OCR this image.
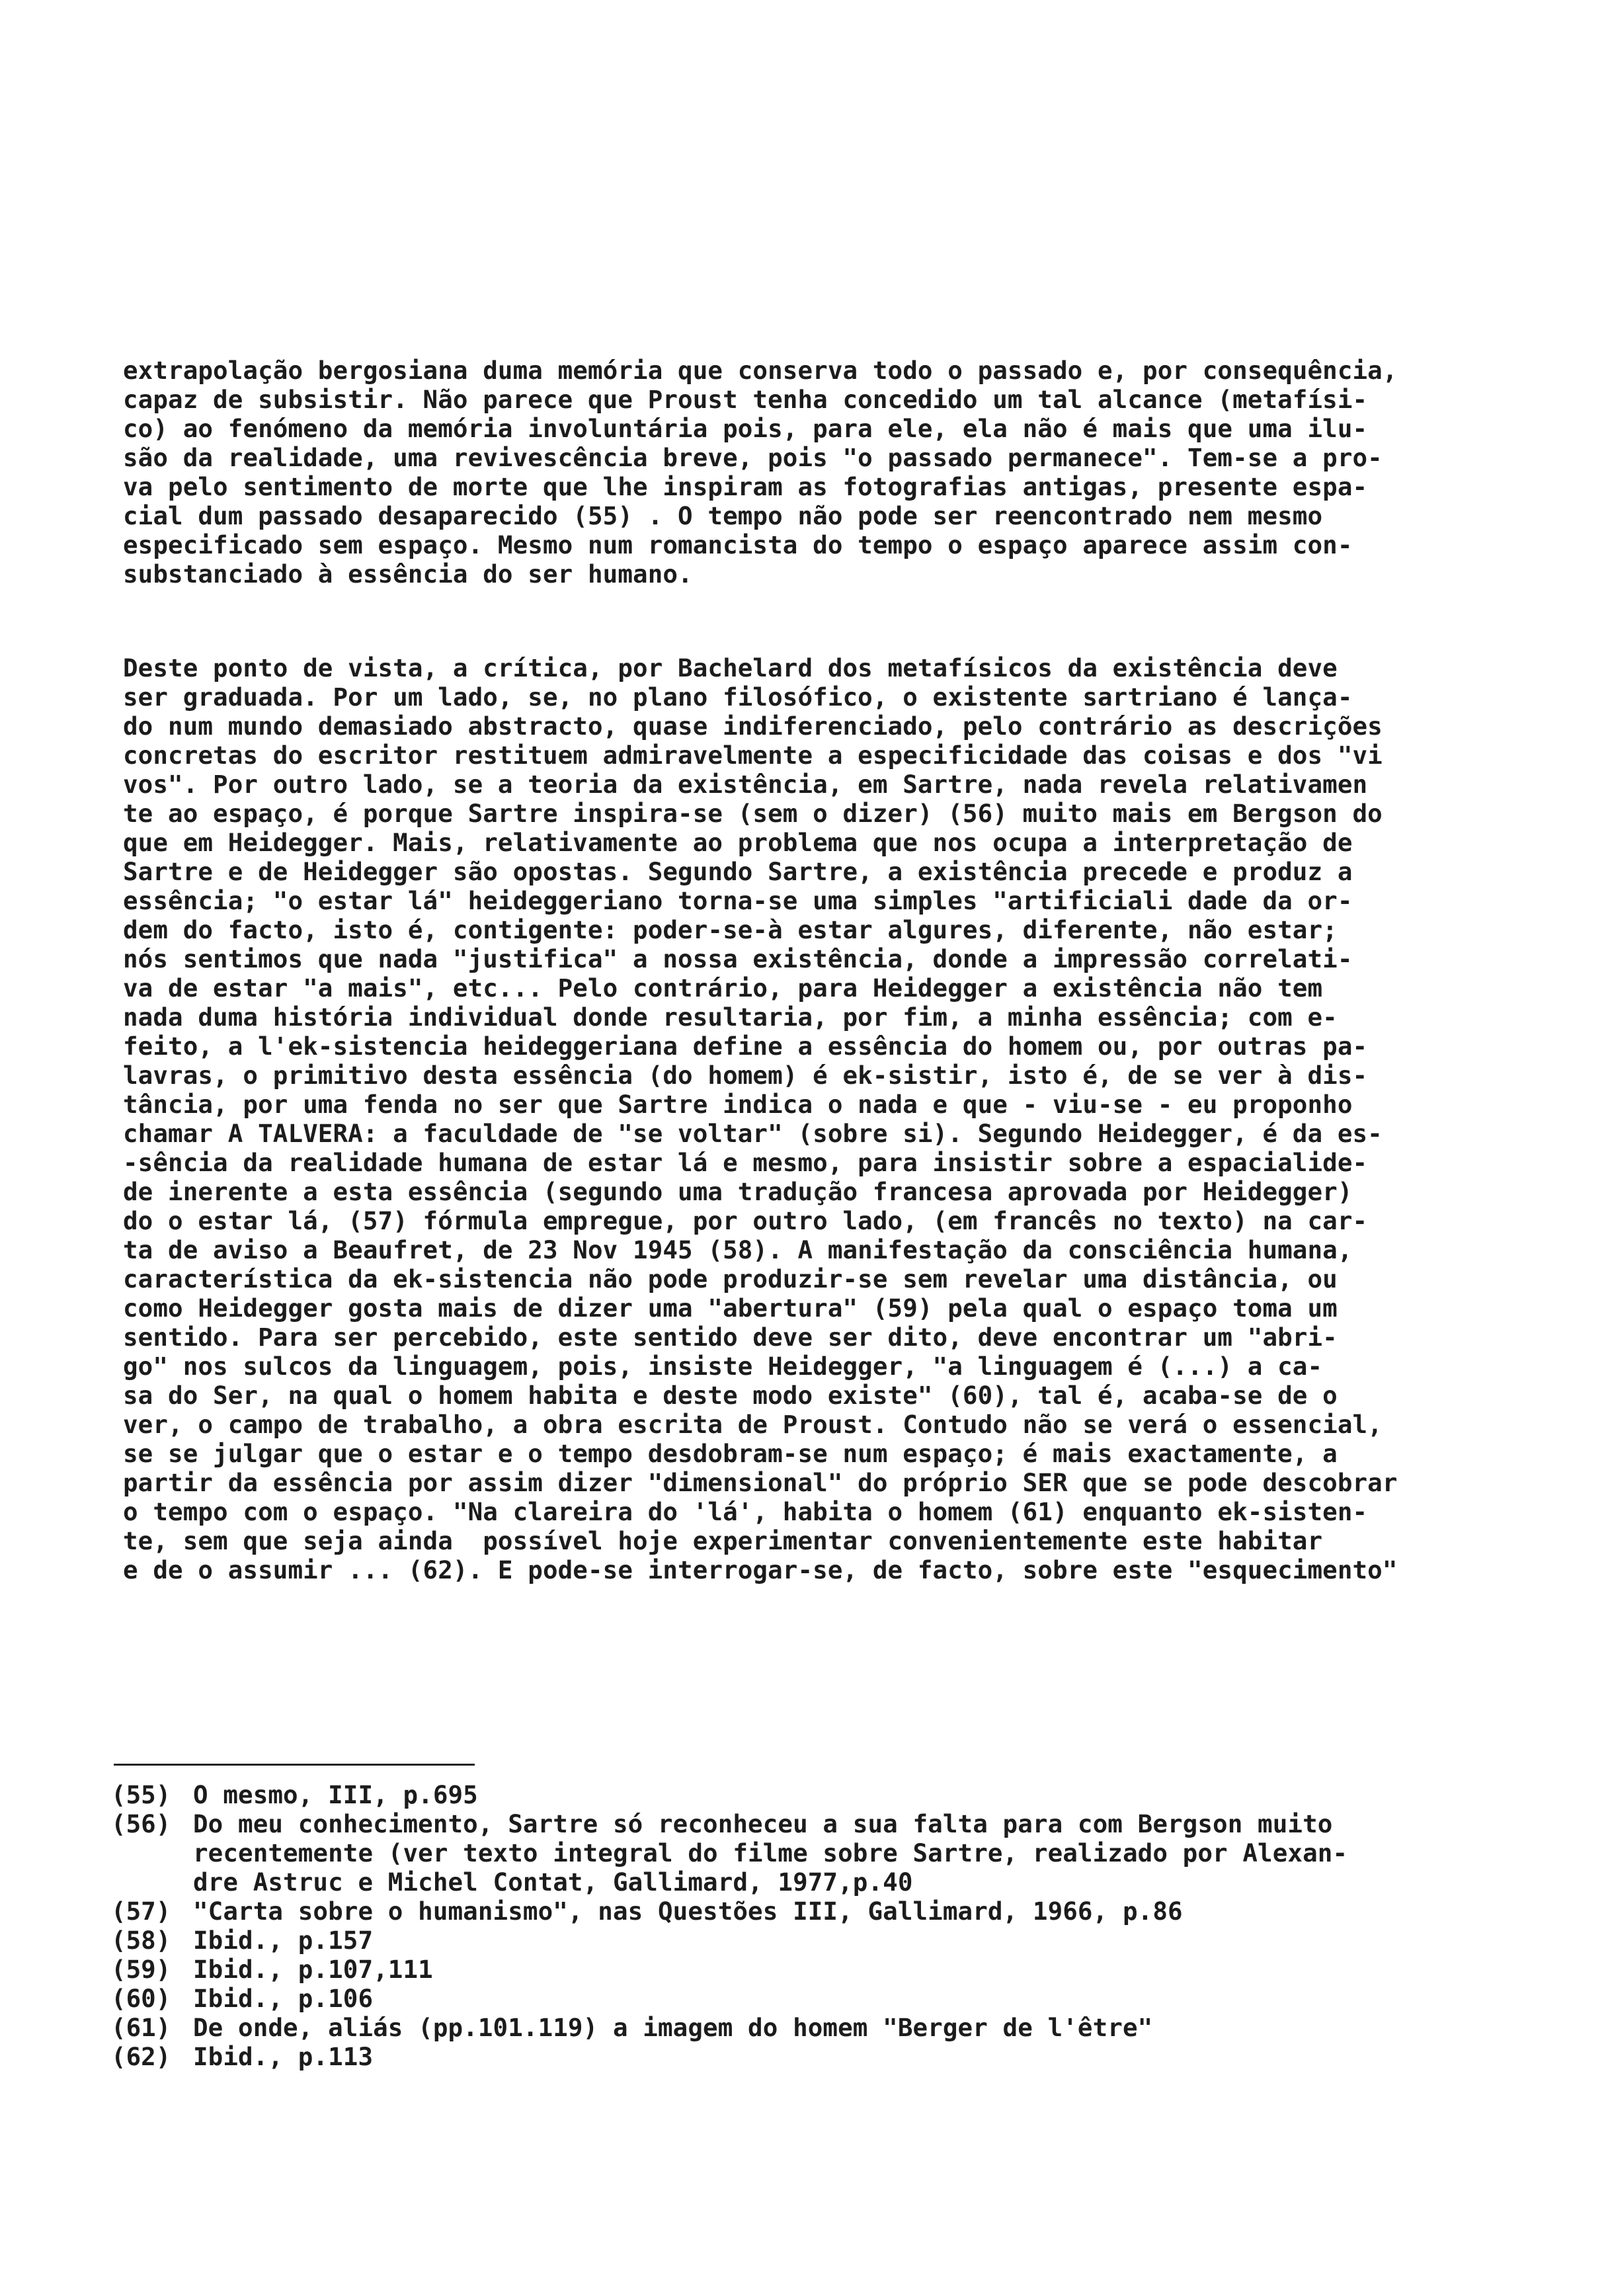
extrapolação bergosiana duma memória que conserva todo o passado e, por consequência,
capaz de subsistir. Não parece que Proust tenha concedido um tal alcance (metafísi-
co) ao fenómeno da memória involuntária pois, para ele, ela não é mais que uma ilu-
são da realidade, uma revivescência breve, pois "o passado permanece". Tem-se a pro-
va pelo sentimento de morte que lhe inspiram as fotografias antigas, presente espa-
cial dum passado desaparecido (55) . O tempo não pode ser reencontrado nem mesmo
especificado sem espaço. Mesmo num romancista do tempo o espaço aparece assim con-
substanciado à essência do ser humano.
Deste ponto de vista, a crítica, por Bachelard dos metafísicos da existência deve
ser graduada. Por um lado, se, no plano filosófico, o existente sartriano é lança-
do num mundo demasiado abstracto, quase indiferenciado, pelo contrário as descrições
concretas do escritor restituem admiravelmente a especificidade das coisas e dos "vi
vos". Por outro lado, se a teoria da existência, em Sartre, nada revela relativamen
te ao espaço, é porque Sartre inspira-se (sem o dizer) (56) muito mais em Bergson do
que em Heidegger. Mais, relativamente ao problema que nos ocupa a interpretação de
Sartre e de Heidegger são opostas. Segundo Sartre, a existência precede e produz a
essência; "o estar lá" heideggeriano torna-se uma simples "artificiali dade da or-
dem do facto, isto é, contigente: poder-se-à estar algures, diferente, não estar;
nós sentimos que nada "justifica" a nossa existência, donde a impressão correlati-
va de estar "a mais", etc... Pelo contrário, para Heidegger a existência não tem
nada duma história individual donde resultaria, por fim, a minha essência; com e-
feito, a l'ek-sistencia heideggeriana define a essência do homem ou, por outras pa-
lavras, o primitivo desta essência (do homem) é ek-sistir, isto é, de se ver à dis-
tância, por uma fenda no ser que Sartre indica o nada e que - viu-se - eu proponho
chamar A TALVERA: a faculdade de "se voltar" (sobre si). Segundo Heidegger, é da es-
-sência da realidade humana de estar lá e mesmo, para insistir sobre a espacialide-
de inerente a esta essência (segundo uma tradução francesa aprovada por Heidegger)
do o estar lá, (57) fórmula empregue, por outro lado, (em francês no texto) na car-
ta de aviso a Beaufret, de 23 Nov 1945 (58). A manifestação da consciência humana,
característica da ek-sistencia não pode produzir-se sem revelar uma distância, ou
como Heidegger gosta mais de dizer uma "abertura" (59) pela qual o espaço toma um
sentido. Para ser percebido, este sentido deve ser dito, deve encontrar um "abri-
go" nos sulcos da linguagem, pois, insiste Heidegger, "a linguagem é (...) a ca-
sa do Ser, na qual o homem habita e deste modo existe" (60), tal é, acaba-se de o
ver, o campo de trabalho, a obra escrita de Proust. Contudo não se verá o essencial,
se se julgar que o estar e o tempo desdobram-se num espaço; é mais exactamente, a
partir da essência por assim dizer "dimensional" do próprio SER que se pode descobrar
o tempo com o espaço. "Na clareira do 'lá', habita o homem (61) enquanto ek-sisten-
te, sem que seja ainda  possível hoje experimentar convenientemente este habitar
e de o assumir ... (62). E pode-se interrogar-se, de facto, sobre este "esquecimento"
(55) O mesmo, III, p.695
(56) Do meu conhecimento, Sartre só reconheceu a sua falta para com Bergson muito
recentemente (ver texto integral do filme sobre Sartre, realizado por Alexan-
dre Astruc e Michel Contat, Gallimard, 1977,p.40
(57) "Carta sobre o humanismo", nas Questões III, Gallimard, 1966, p.86
(58) Ibid., p.157
(59) Ibid., p.107,111
(60) Ibid., p.106
(61) De onde, aliás (pp.101.119) a imagem do homem "Berger de l'être"
(62) Ibid., p.113
